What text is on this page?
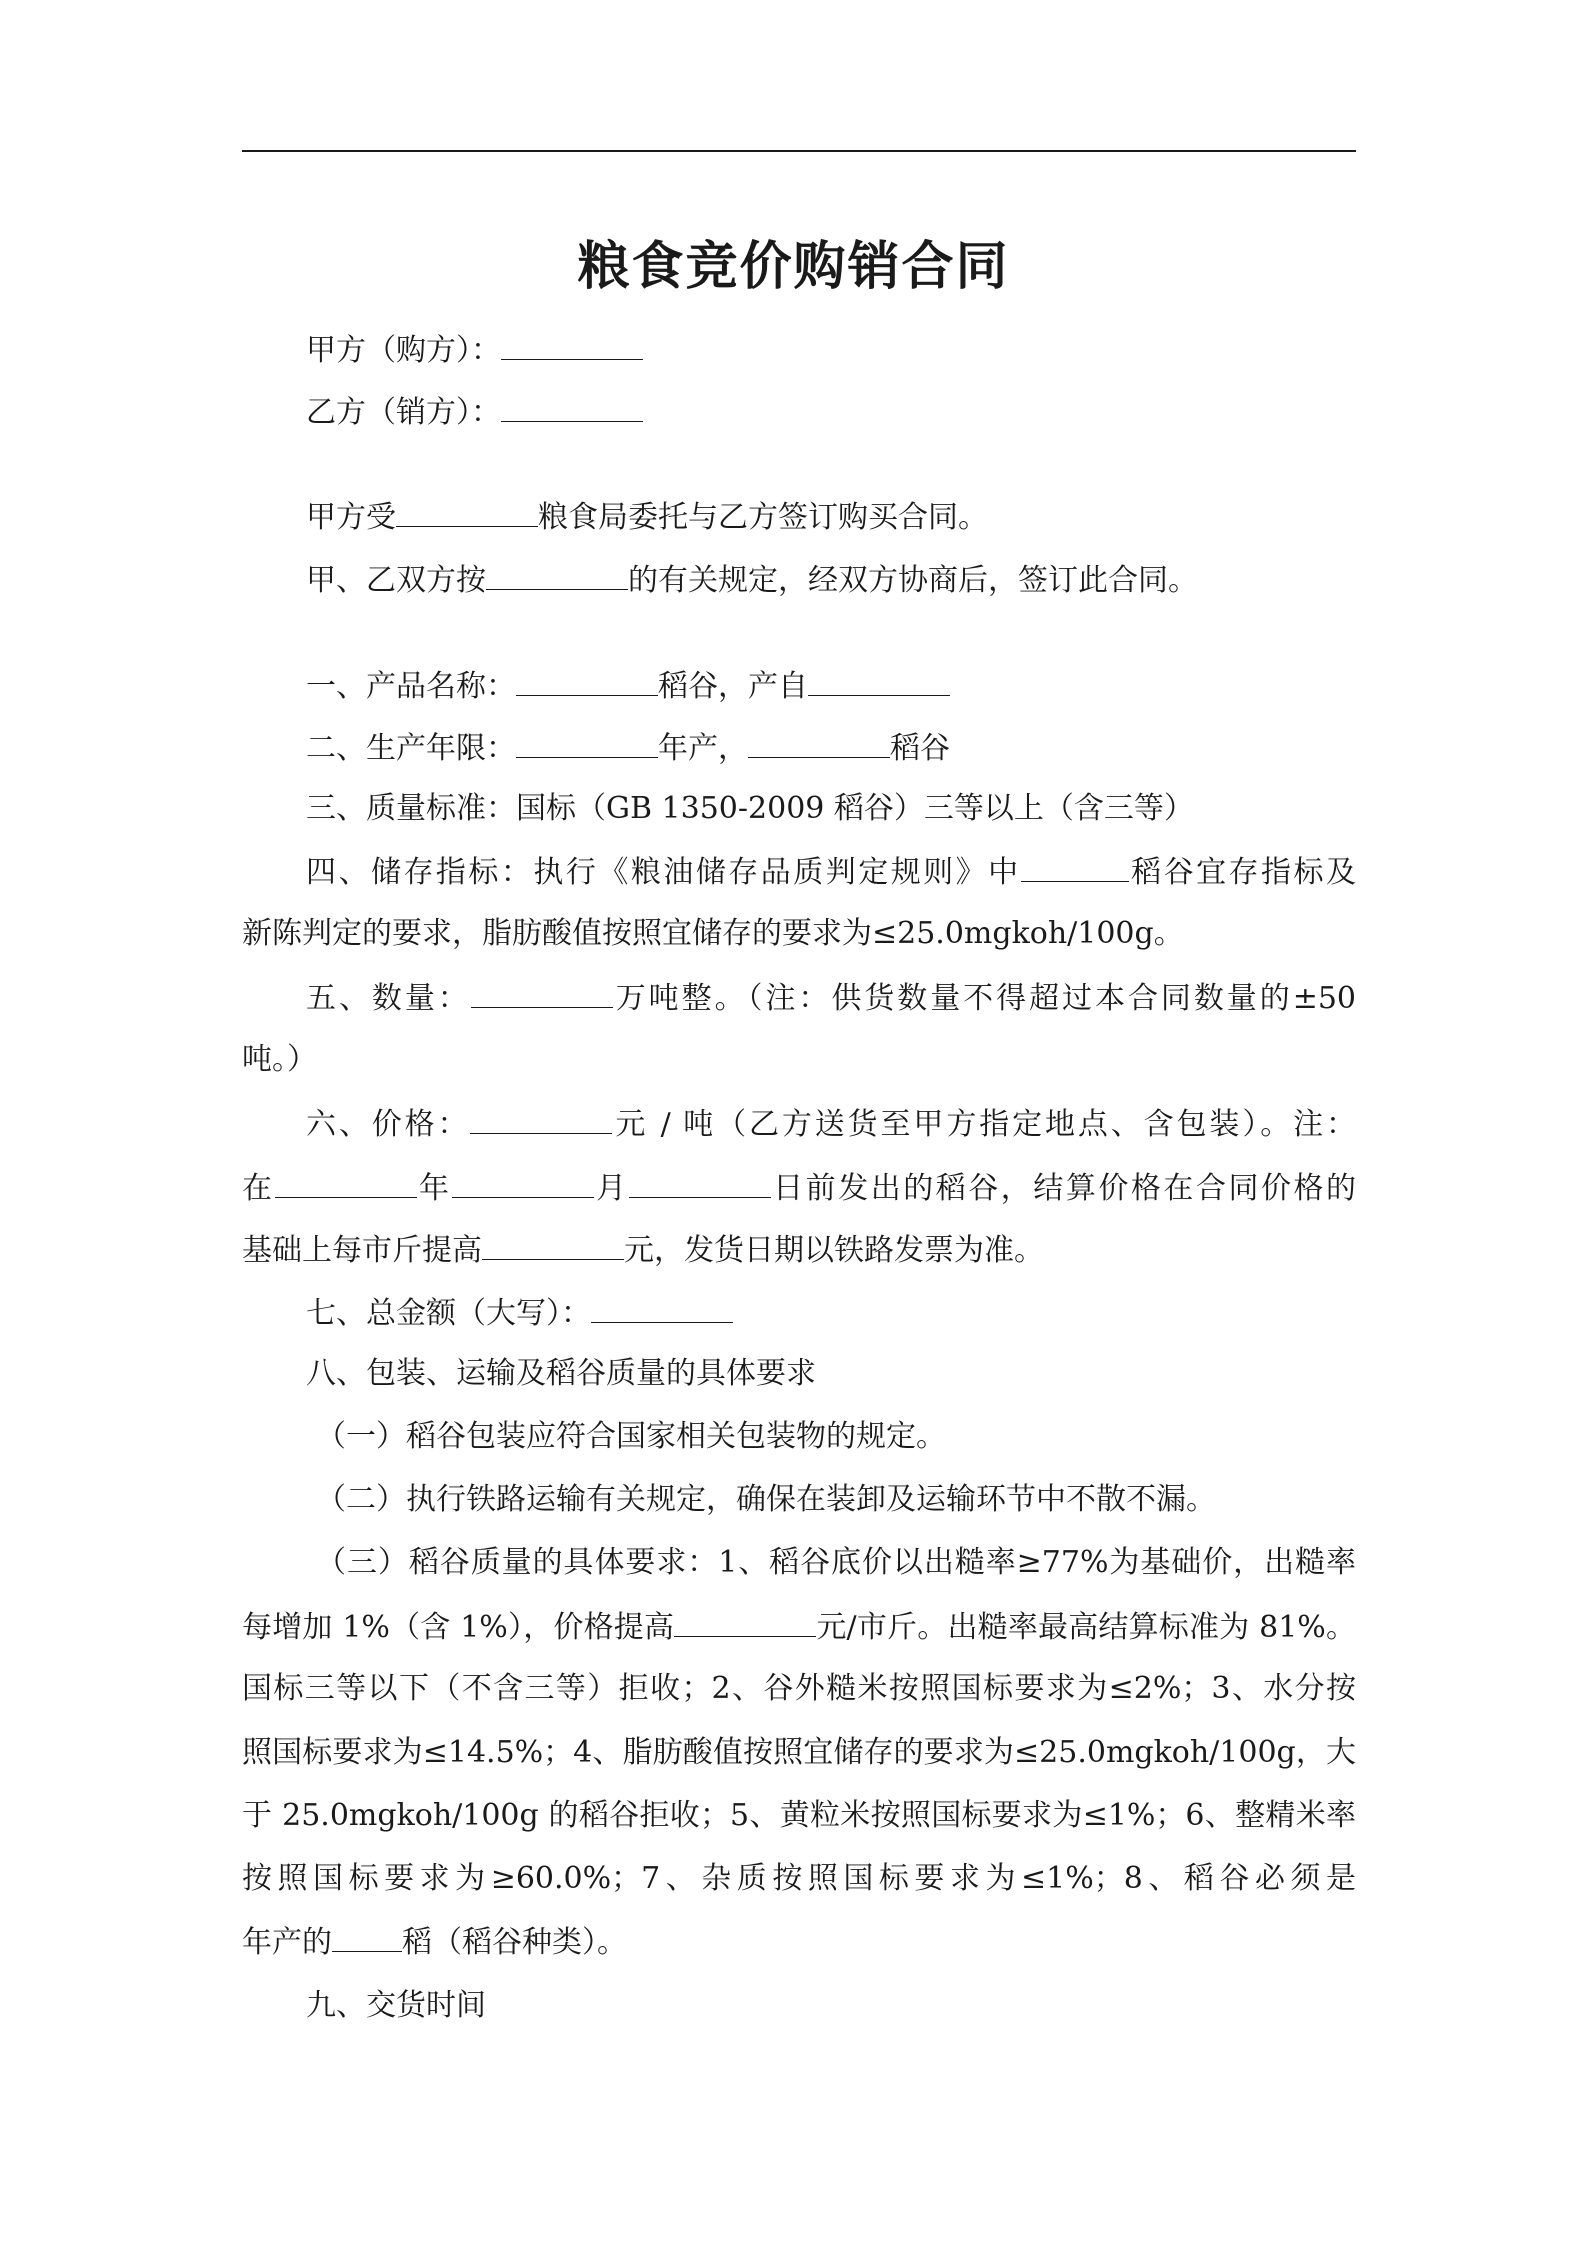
粮食竞价购销合同
甲方（购方）：
乙方（销方）：
甲方受	粮食局委托与乙方签订购买合同。
甲、乙双方按	的有关规定，经双方协商后，签订此合同。
一、产品名称：	稻谷，产自
二、生产年限：	年产，	稻谷
三、质量标准：国标（GB 1350-2009 稻谷）三等以上（含三等）
四、储存指标：执行《粮油储存品质判定规则》中	稻谷宜存指标及
新陈判定的要求，脂肪酸值按照宜储存的要求为≤25.0mgkoh/100g。
五、数量：	万吨整。（注：供货数量不得超过本合同数量的±50
吨。）
六、价格：	元 / 吨（乙方送货至甲方指定地点、含包装）。注：
在	年	月	日前发出的稻谷，结算价格在合同价格的
基础上每市斤提高	元，发货日期以铁路发票为准。
七、总金额（大写）：
八、包装、运输及稻谷质量的具体要求
（一）稻谷包装应符合国家相关包装物的规定。
（二）执行铁路运输有关规定，确保在装卸及运输环节中不散不漏。
（三）稻谷质量的具体要求：1、稻谷底价以出糙率≥77%为基础价，出糙率
每增加 1%（含 1%），价格提高	元/市斤。出糙率最高结算标准为 81%。
国标三等以下（不含三等）拒收；2、谷外糙米按照国标要求为≤2%；3、水分按
照国标要求为≤14.5%；4、脂肪酸值按照宜储存的要求为≤25.0mgkoh/100g，大
于 25.0mgkoh/100g 的稻谷拒收；5、黄粒米按照国标要求为≤1%；6、整精米率
按照国标要求为≥60.0%；7、杂质按照国标要求为≤1%；8、稻谷必须是
年产的 稻（稻谷种类）。
九、交货时间
